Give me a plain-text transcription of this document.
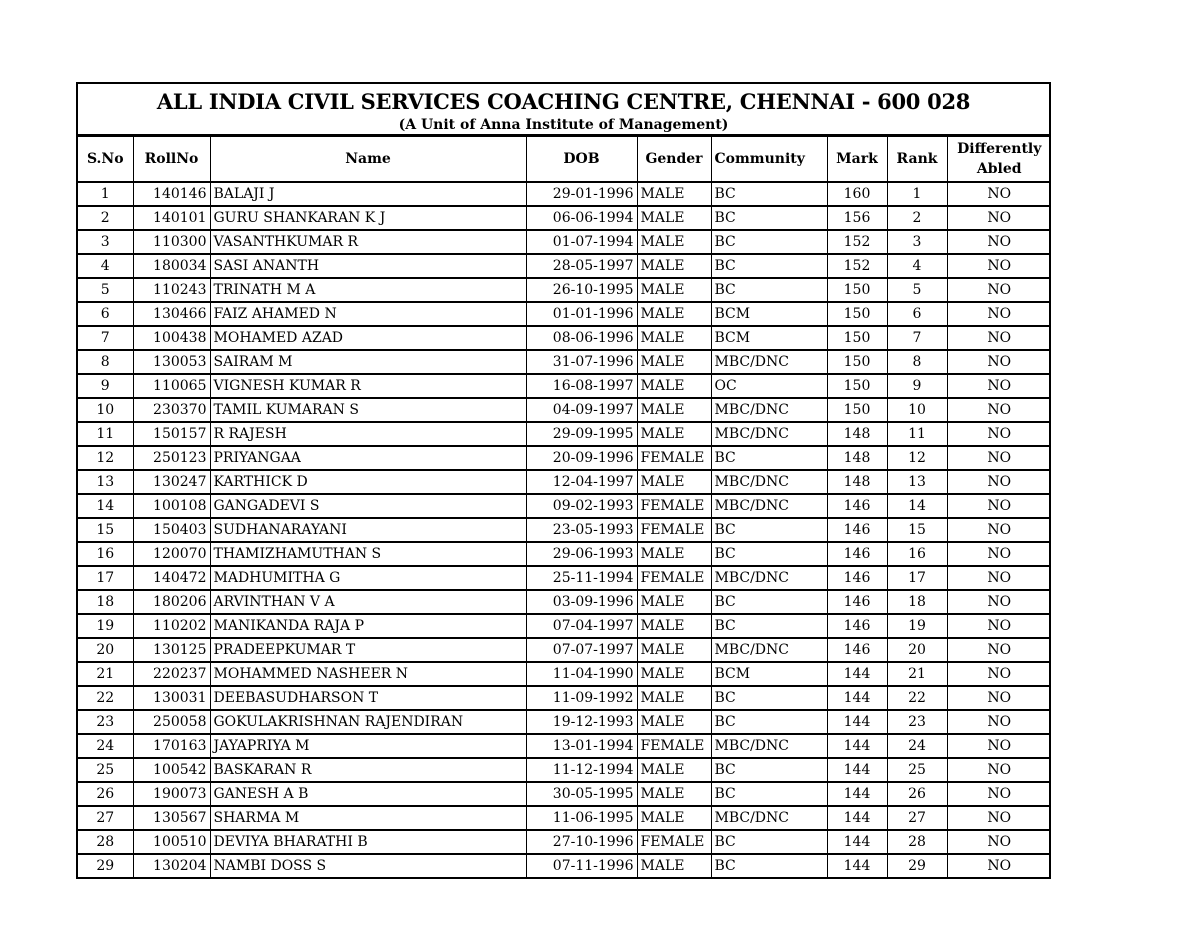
ALL INDIA CIVIL SERVICES COACHING CENTRE, CHENNAI - 600 028
(A Unit of Anna Institute of Management)
S.No	RollNo	Name	DOB	Gender	Community	Mark	Rank	Differently
Abled
1	140146	BALAJI J	29-01-1996	MALE	BC	160	1	NO
2	140101	GURU SHANKARAN K J	06-06-1994	MALE	BC	156	2	NO
3	110300	VASANTHKUMAR R	01-07-1994	MALE	BC	152	3	NO
4	180034	SASI ANANTH	28-05-1997	MALE	BC	152	4	NO
5	110243	TRINATH M A	26-10-1995	MALE	BC	150	5	NO
6	130466	FAIZ AHAMED N	01-01-1996	MALE	BCM	150	6	NO
7	100438	MOHAMED AZAD	08-06-1996	MALE	BCM	150	7	NO
8	130053	SAIRAM M	31-07-1996	MALE	MBC/DNC	150	8	NO
9	110065	VIGNESH KUMAR R	16-08-1997	MALE	OC	150	9	NO
10	230370	TAMIL KUMARAN S	04-09-1997	MALE	MBC/DNC	150	10	NO
11	150157	R RAJESH	29-09-1995	MALE	MBC/DNC	148	11	NO
12	250123	PRIYANGAA	20-09-1996	FEMALE	BC	148	12	NO
13	130247	KARTHICK D	12-04-1997	MALE	MBC/DNC	148	13	NO
14	100108	GANGADEVI S	09-02-1993	FEMALE	MBC/DNC	146	14	NO
15	150403	SUDHANARAYANI	23-05-1993	FEMALE	BC	146	15	NO
16	120070	THAMIZHAMUTHAN S	29-06-1993	MALE	BC	146	16	NO
17	140472	MADHUMITHA G	25-11-1994	FEMALE	MBC/DNC	146	17	NO
18	180206	ARVINTHAN V A	03-09-1996	MALE	BC	146	18	NO
19	110202	MANIKANDA RAJA P	07-04-1997	MALE	BC	146	19	NO
20	130125	PRADEEPKUMAR T	07-07-1997	MALE	MBC/DNC	146	20	NO
21	220237	MOHAMMED NASHEER N	11-04-1990	MALE	BCM	144	21	NO
22	130031	DEEBASUDHARSON T	11-09-1992	MALE	BC	144	22	NO
23	250058	GOKULAKRISHNAN RAJENDIRAN	19-12-1993	MALE	BC	144	23	NO
24	170163	JAYAPRIYA M	13-01-1994	FEMALE	MBC/DNC	144	24	NO
25	100542	BASKARAN R	11-12-1994	MALE	BC	144	25	NO
26	190073	GANESH A B	30-05-1995	MALE	BC	144	26	NO
27	130567	SHARMA M	11-06-1995	MALE	MBC/DNC	144	27	NO
28	100510	DEVIYA BHARATHI B	27-10-1996	FEMALE	BC	144	28	NO
29	130204	NAMBI DOSS S	07-11-1996	MALE	BC	144	29	NO
